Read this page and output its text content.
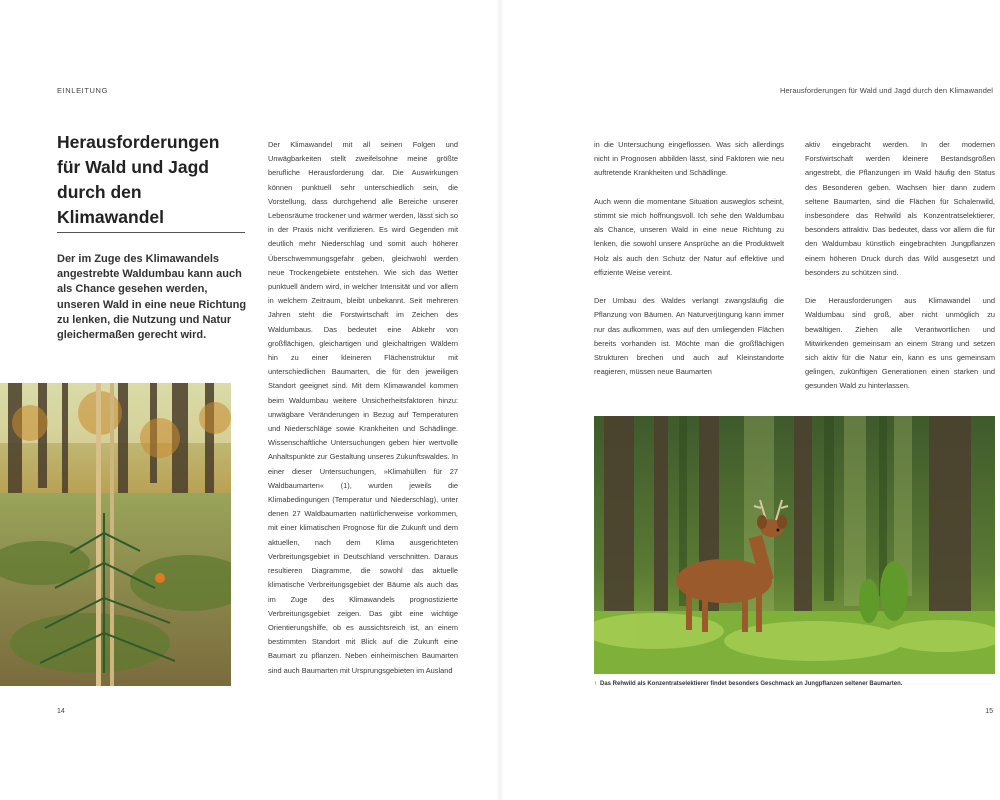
EINLEITUNG
Herausforderungen für Wald und Jagd durch den Klimawandel
Der im Zuge des Klimawandels angestrebte Waldumbau kann auch als Chance gesehen werden, unseren Wald in eine neue Richtung zu lenken, die Nutzung und Natur gleichermaßen gerecht wird.

Der Klimawandel mit all seinen Folgen und Unwägbarkeiten stellt zweifelsohne meine größte berufliche Herausforderung dar. Die Auswirkungen können punktuell sehr unterschiedlich sein, die Vorstellung, dass durchgehend alle Bereiche unserer Lebensräume trockener und wärmer werden, lässt sich so in der Praxis nicht verifizieren. Es wird Gegenden mit deutlich mehr Niederschlag und somit auch höherer Überschwemmungsgefahr geben, gleichwohl werden neue Trockengebiete entstehen. Wie sich das Wetter punktuell ändern wird, in welcher Intensität und vor allem in welchem Zeitraum, bleibt unbekannt. Seit mehreren Jahren steht die Forstwirtschaft im Zeichen des Waldumbaus. Das bedeutet eine Abkehr von großflächigen, gleichartigen und gleichaltrigen Wäldern hin zu einer kleineren Flächenstruktur mit unterschiedlichen Baumarten, die für den jeweiligen Standort geeignet sind. Mit dem Klimawandel kommen beim Waldumbau weitere Unsicherheitsfaktoren hinzu: unwägbare Veränderungen in Bezug auf Temperaturen und Niederschläge sowie Krankheiten und Schädlinge. Wissenschaftliche Untersuchungen geben hier wertvolle Anhaltspunkte zur Gestaltung unseres Zukunftswaldes. In einer dieser Untersuchungen, »Klimahüllen für 27 Waldbaumarten« (1), wurden jeweils die Klimabedingungen (Temperatur und Niederschlag), unter denen 27 Waldbaumarten natürlicherweise vorkommen, mit einer klimatischen Prognose für die Zukunft und dem aktuellen, nach dem Klima ausgerichteten Verbreitungsgebiet in Deutschland verschnitten. Daraus resultieren Diagramme, die sowohl das aktuelle klimatische Verbreitungsgebiet der Bäume als auch das im Zuge des Klimawandels prognostizierte Verbreitungsgebiet zeigen. Das gibt eine wichtige Orientierungshilfe, ob es aussichtsreich ist, an einem bestimmten Standort mit Blick auf die Zukunft eine Baumart zu pflanzen. Neben einheimischen Baumarten sind auch Baumarten mit Ursprungsgebieten im Ausland

14
Herausforderungen für Wald und Jagd durch den Klimawandel

in die Untersuchung eingeflossen. Was sich allerdings nicht in Prognosen abbilden lässt, sind Faktoren wie neu auftretende Krankheiten und Schädlinge.

Auch wenn die momentane Situation ausweglos scheint, stimmt sie mich hoffnungsvoll. Ich sehe den Waldumbau als Chance, unseren Wald in eine neue Richtung zu lenken, die sowohl unsere Ansprüche an die Produktwelt Holz als auch den Schutz der Natur auf effektive und effiziente Weise vereint.

Der Umbau des Waldes verlangt zwangsläufig die Pflanzung von Bäumen. An Naturverjüngung kann immer nur das aufkommen, was auf den umliegenden Flächen bereits vorhanden ist. Möchte man die großflächigen Strukturen brechen und auch auf Kleinstandorte reagieren, müssen neue Baumarten

aktiv eingebracht werden. In der modernen Forstwirtschaft werden kleinere Bestandsgrößen angestrebt, die Pflanzungen im Wald häufig den Status des Besonderen geben. Wachsen hier dann zudem seltene Baumarten, sind die Flächen für Schalenwild, insbesondere das Rehwild als Konzentratselektierer, besonders attraktiv. Das bedeutet, dass vor allem die für den Waldumbau künstlich eingebrachten Jungpflanzen einem höheren Druck durch das Wild ausgesetzt und besonders zu schützen sind.

Die Herausforderungen aus Klimawandel und Waldumbau sind groß, aber nicht unmöglich zu bewältigen. Ziehen alle Verantwortlichen und Mitwirkenden gemeinsam an einem Strang und setzen sich aktiv für die Natur ein, kann es uns gemeinsam gelingen, zukünftigen Generationen einen starken und gesunden Wald zu hinterlassen.

↑ Das Rehwild als Konzentratselektierer findet besonders Geschmack an Jungpflanzen seltener Baumarten.
15
